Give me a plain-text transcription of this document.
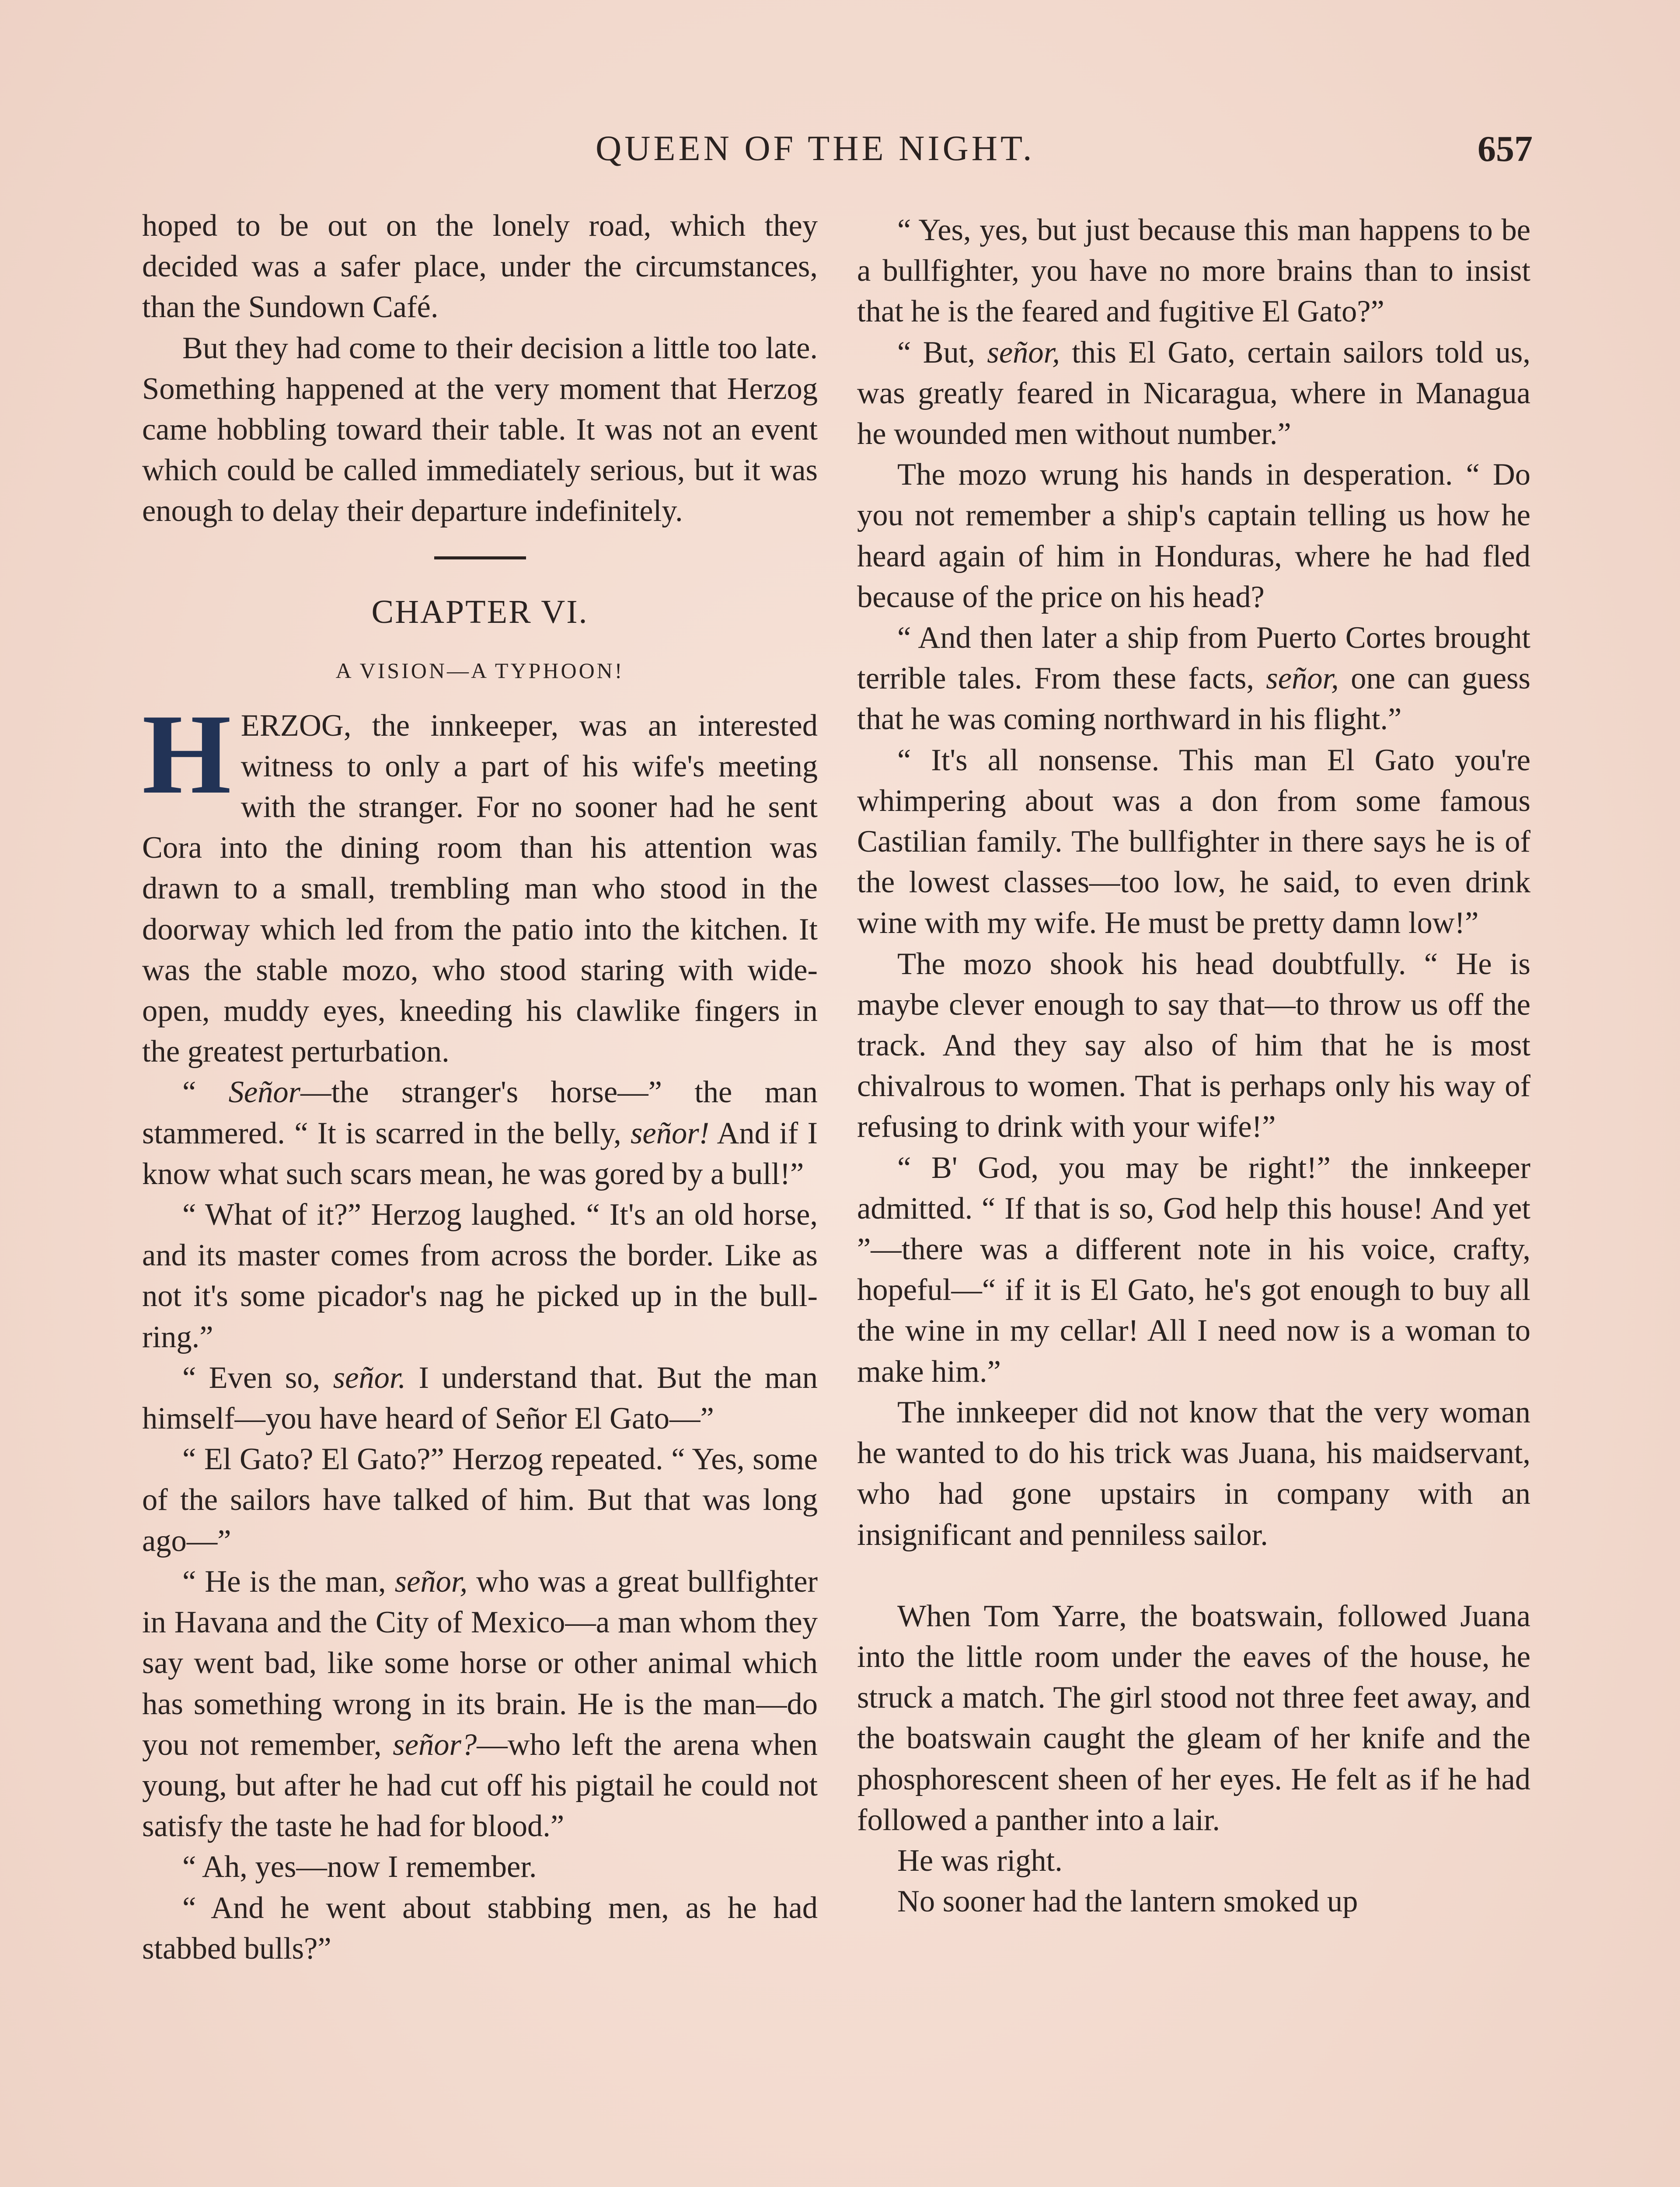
QUEEN OF THE NIGHT.	657

hoped to be out on the lonely road, which they decided was a safer place, under the circumstances, than the Sundown Café.

But they had come to their decision a little too late. Something happened at the very moment that Herzog came hobbling toward their table. It was not an event which could be called immediately serious, but it was enough to delay their departure indefinitely.

CHAPTER VI.
A VISION—A TYPHOON!

HERZOG, the innkeeper, was an interested witness to only a part of his wife's meeting with the stranger. For no sooner had he sent Cora into the dining room than his attention was drawn to a small, trembling man who stood in the doorway which led from the patio into the kitchen. It was the stable mozo, who stood staring with wide-open, muddy eyes, kneeding his clawlike fingers in the greatest perturbation.

“ Señor—the stranger's horse—” the man stammered. “ It is scarred in the belly, señor! And if I know what such scars mean, he was gored by a bull!”

“ What of it?” Herzog laughed. “ It's an old horse, and its master comes from across the border. Like as not it's some picador's nag he picked up in the bull-ring.”

“ Even so, señor. I understand that. But the man himself—you have heard of Señor El Gato—”

“ El Gato? El Gato?” Herzog repeated. “ Yes, some of the sailors have talked of him. But that was long ago—”

“ He is the man, señor, who was a great bullfighter in Havana and the City of Mexico—a man whom they say went bad, like some horse or other animal which has something wrong in its brain. He is the man—do you not remember, señor?—who left the arena when young, but after he had cut off his pigtail he could not satisfy the taste he had for blood.”

“ Ah, yes—now I remember.

“ And he went about stabbing men, as he had stabbed bulls?”

“ Yes, yes, but just because this man happens to be a bullfighter, you have no more brains than to insist that he is the feared and fugitive El Gato?”

“ But, señor, this El Gato, certain sailors told us, was greatly feared in Nicaragua, where in Managua he wounded men without number.”

The mozo wrung his hands in desperation. “ Do you not remember a ship's captain telling us how he heard again of him in Honduras, where he had fled because of the price on his head?

“ And then later a ship from Puerto Cortes brought terrible tales. From these facts, señor, one can guess that he was coming northward in his flight.”

“ It's all nonsense. This man El Gato you're whimpering about was a don from some famous Castilian family. The bullfighter in there says he is of the lowest classes—too low, he said, to even drink wine with my wife. He must be pretty damn low!”

The mozo shook his head doubtfully. “ He is maybe clever enough to say that—to throw us off the track. And they say also of him that he is most chivalrous to women. That is perhaps only his way of refusing to drink with your wife!”

“ B' God, you may be right!” the innkeeper admitted. “ If that is so, God help this house! And yet ”—there was a different note in his voice, crafty, hopeful—“ if it is El Gato, he's got enough to buy all the wine in my cellar! All I need now is a woman to make him.”

The innkeeper did not know that the very woman he wanted to do his trick was Juana, his maidservant, who had gone upstairs in company with an insignificant and penniless sailor.

When Tom Yarre, the boatswain, followed Juana into the little room under the eaves of the house, he struck a match. The girl stood not three feet away, and the boatswain caught the gleam of her knife and the phosphorescent sheen of her eyes. He felt as if he had followed a panther into a lair.

He was right.

No sooner had the lantern smoked up
